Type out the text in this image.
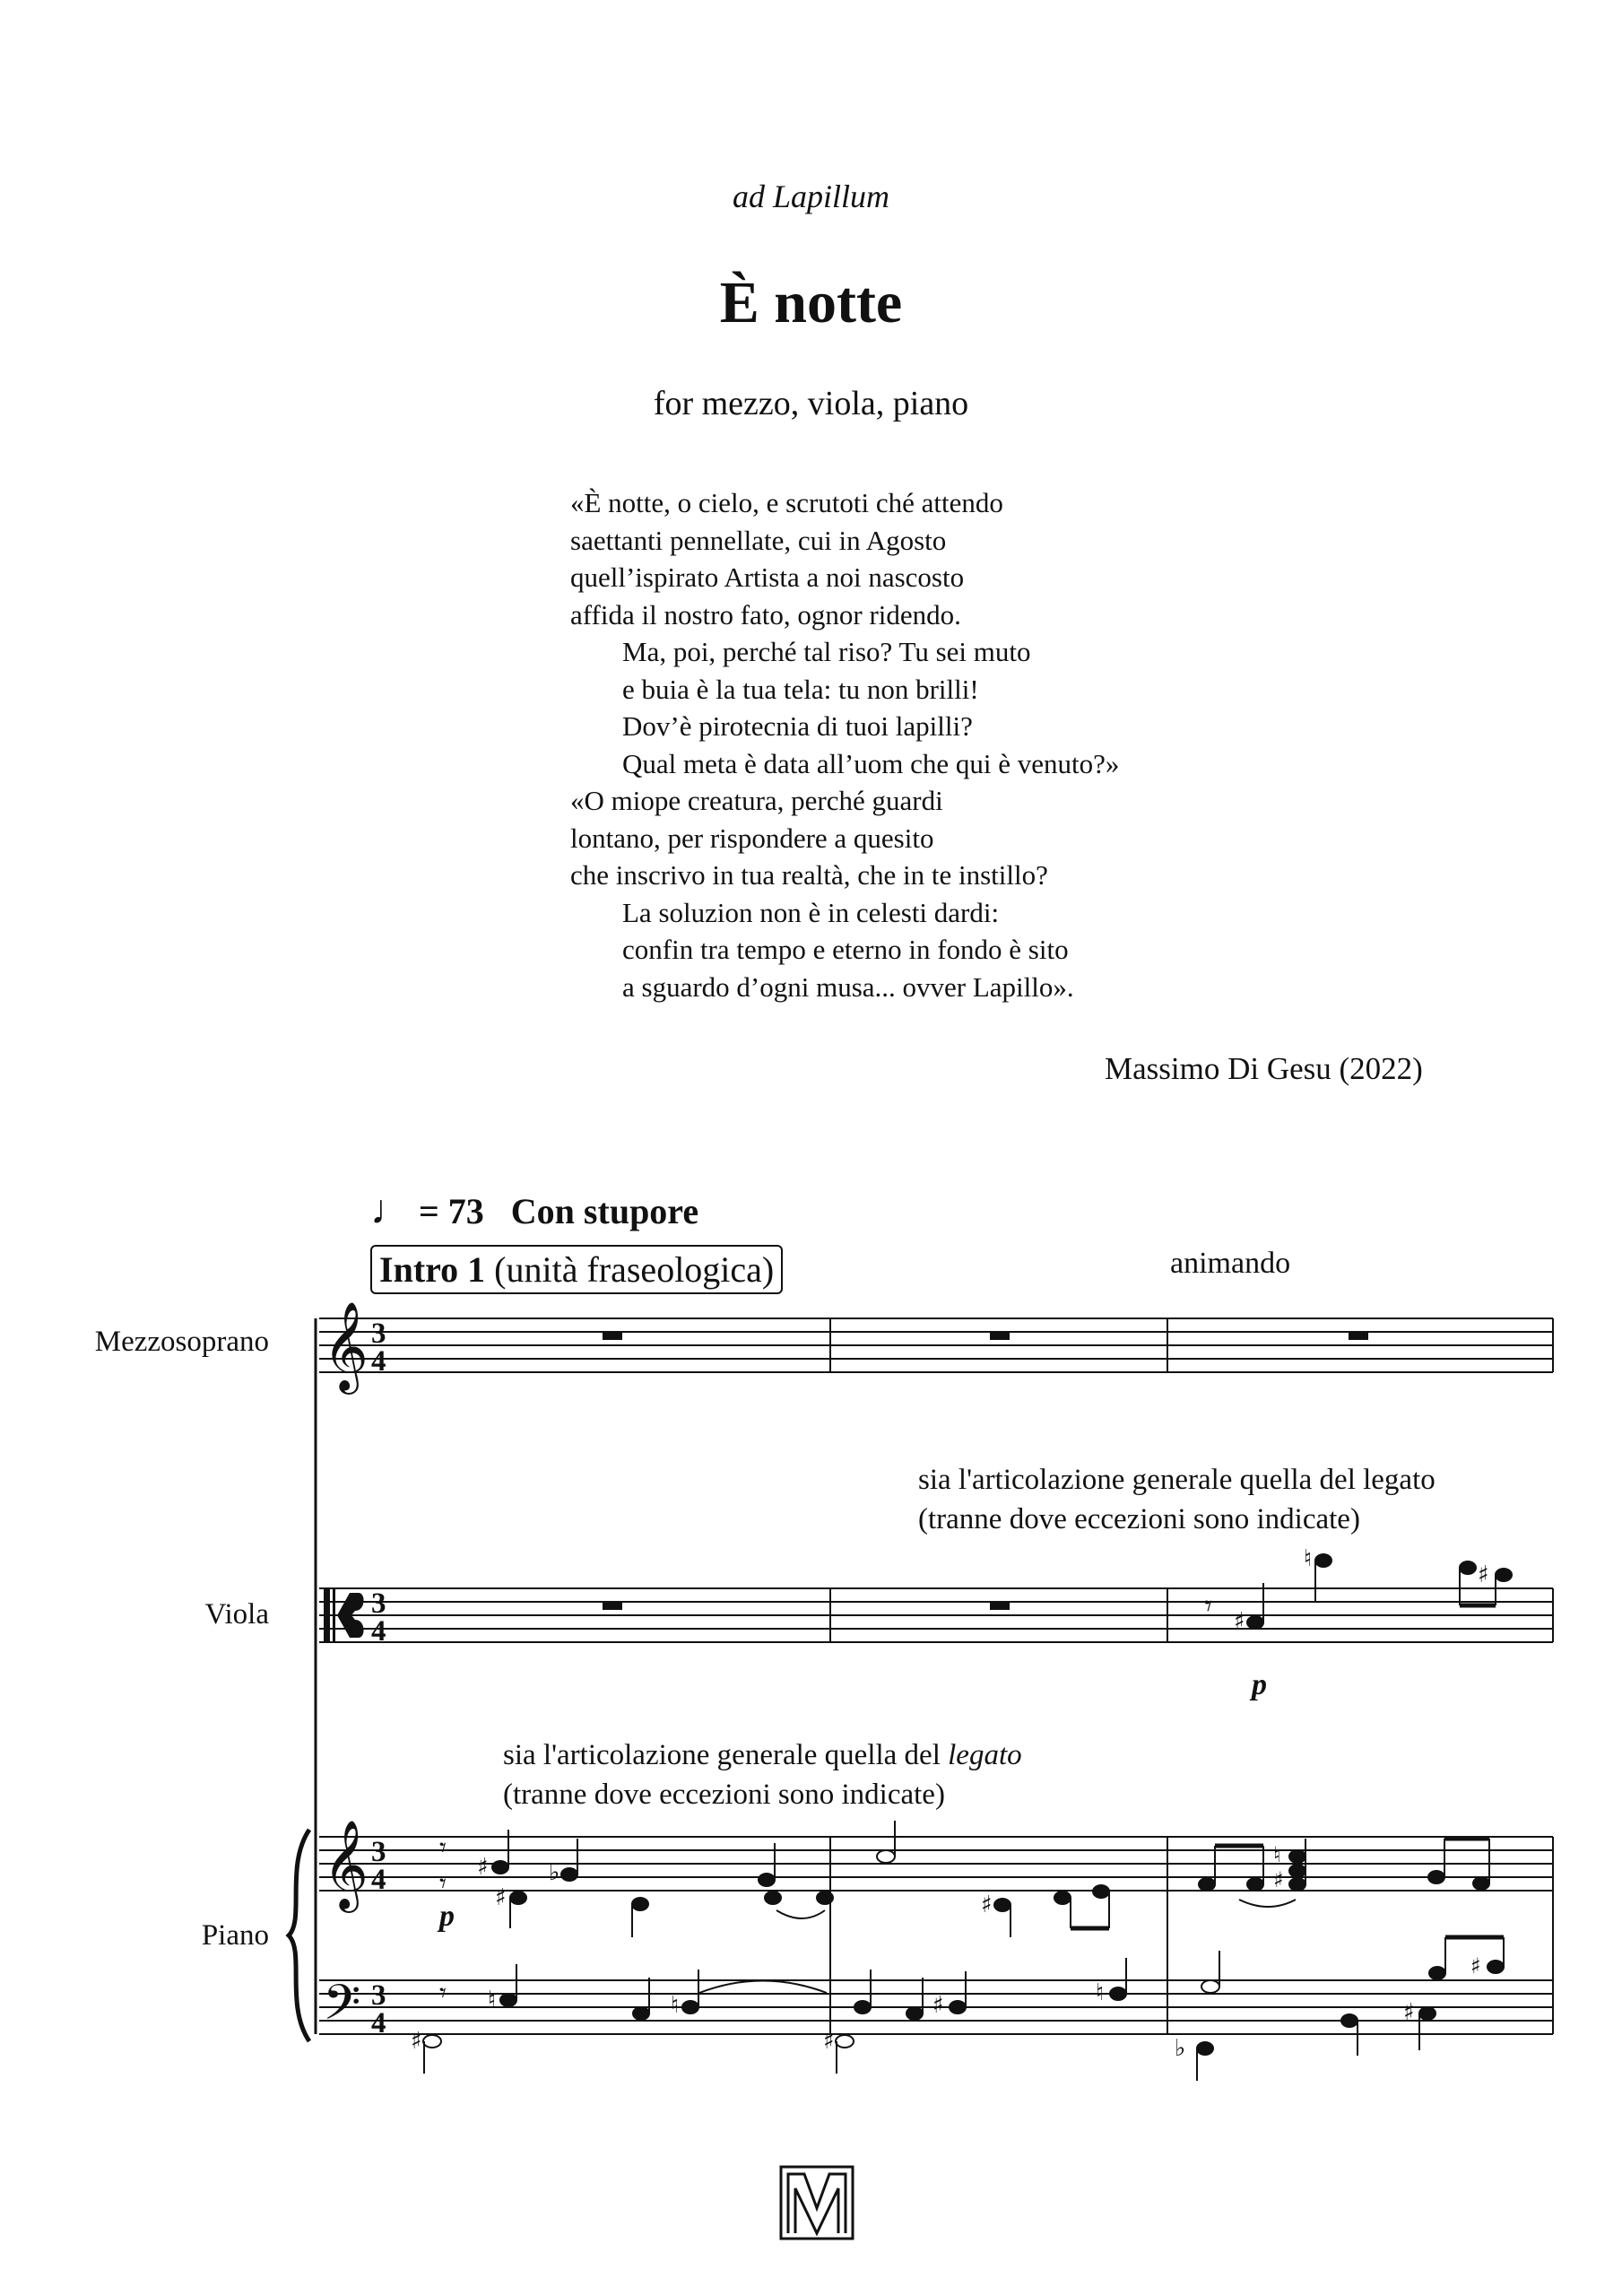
ad Lapillum
È notte
for mezzo, viola, piano
«È notte, o cielo, e scrutoti ché attendo
saettanti pennellate, cui in Agosto
quell’ispirato Artista a noi nascosto
affida il nostro fato, ognor ridendo.
Ma, poi, perché tal riso? Tu sei muto
e buia è la tua tela: tu non brilli!
Dov’è pirotecnia di tuoi lapilli?
Qual meta è data all’uom che qui è venuto?»
«O miope creatura, perché guardi
lontano, per rispondere a quesito
che inscrivo in tua realtà, che in te instillo?
La soluzion non è in celesti dardi:
confin tra tempo e eterno in fondo è sito
a sguardo d’ogni musa... ovver Lapillo».
Massimo Di Gesu (2022)
𝄞
𝄞
𝄢
3
4
3
4
3
4
3
4
𝄾 ♯
♮
♯
𝄾
𝄾
♯
♯
♭
♯
♮
♯
𝄾
♯
♮	♮
♯
♯	♮
♭
♯
♯
♩ = 73 Con stupore
Intro 1 (unità fraseologica)	animando
Mezzosoprano
Viola
Piano
sia l'articolazione generale quella del legato
(tranne dove eccezioni sono indicate)
sia l'articolazione generale quella del legato
(tranne dove eccezioni sono indicate)
p
p
